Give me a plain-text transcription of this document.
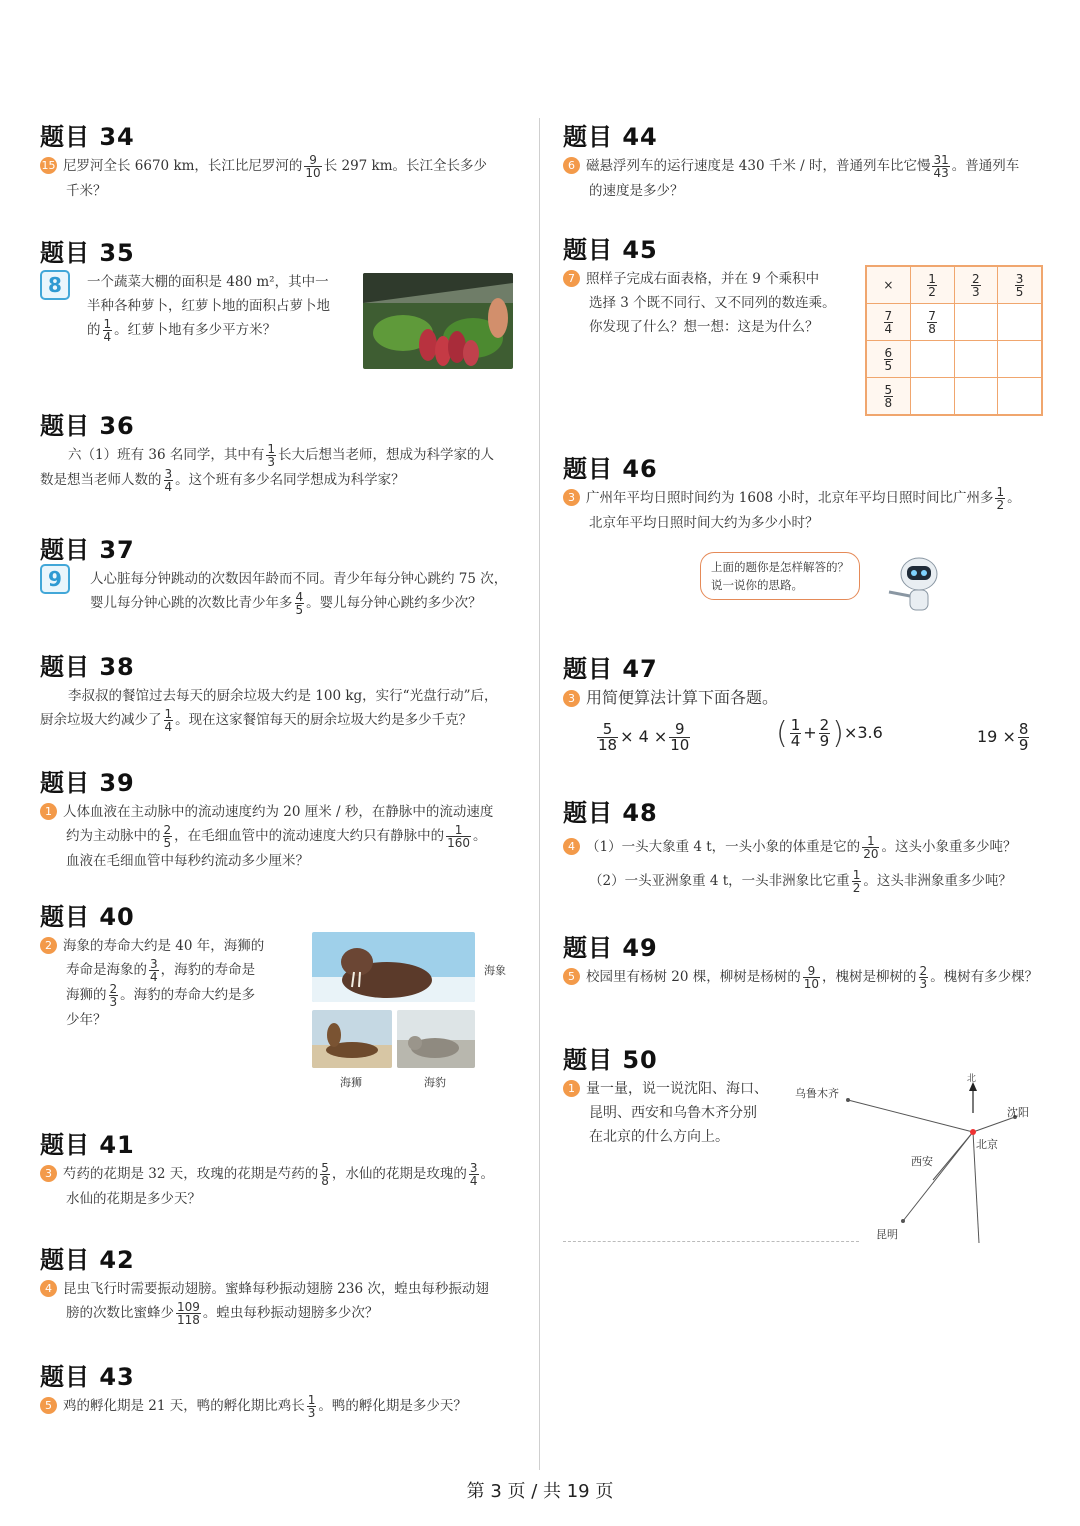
题目 34

15 尼罗河全长 6670 km，长江比尼罗河的 $\frac{9}{10}$ 长 297 km。长江全长多少
千米？

题目 35
8	一个蔬菜大棚的面积是 480 m²，其中一
半种各种萝卜，红萝卜地的面积占萝卜地
的 $\frac{1}{4}$ 。红萝卜地有多少平方米？

题目 36

六（1）班有 36 名同学，其中有 $\frac{1}{3}$ 长大后想当老师，想成为科学家的人
数是想当老师人数的 $\frac{3}{4}$ 。这个班有多少名同学想成为科学家？

题目 37
9	人心脏每分钟跳动的次数因年龄而不同。青少年每分钟心跳约 75 次，
婴儿每分钟心跳的次数比青少年多 $\frac{4}{5}$ 。婴儿每分钟心跳约多少次？

题目 38

李叔叔的餐馆过去每天的厨余垃圾大约是 100 kg，实行“光盘行动”后，
厨余垃圾大约减少了 $\frac{1}{4}$ 。现在这家餐馆每天的厨余垃圾大约是多少千克？

题目 39

1 人体血液在主动脉中的流动速度约为 20 厘米 / 秒，在静脉中的流动速度
约为主动脉中的 $\frac{2}{5}$ ，在毛细血管中的流动速度大约只有静脉中的 $\frac{1}{160}$ 。
血液在毛细血管中每秒约流动多少厘米？

题目 40

2 海象的寿命大约是 40 年，海狮的
寿命是海象的 $\frac{3}{4}$ ，海豹的寿命是
海狮的 $\frac{2}{3}$ 。海豹的寿命大约是多
少年？

海象
海狮	海豹
题目 41

3 芍药的花期是 32 天，玫瑰的花期是芍药的 $\frac{5}{8}$ ，水仙的花期是玫瑰的 $\frac{3}{4}$ 。
水仙的花期是多少天？

题目 42

4 昆虫飞行时需要振动翅膀。蜜蜂每秒振动翅膀 236 次，蝗虫每秒振动翅
膀的次数比蜜蜂少 $\frac{109}{118}$ 。蝗虫每秒振动翅膀多少次？

题目 43

5 鸡的孵化期是 21 天，鸭的孵化期比鸡长 $\frac{1}{3}$ 。鸭的孵化期是多少天？

题目 44

6 磁悬浮列车的运行速度是 430 千米 / 时，普通列车比它慢 $\frac{31}{43}$ 。普通列车
的速度是多少？

题目 45

7 照样子完成右面表格，并在 9 个乘积中
选择 3 个既不同行、又不同列的数连乘。
你发现了什么？想一想：这是为什么？

×	$\frac{1}{2}$	$\frac{2}{3}$	$\frac{3}{5}$

$\frac{7}{4}$	$\frac{7}{8}$

$\frac{6}{5}$

$\frac{5}{8}$

题目 46

3 广州年平均日照时间约为 1608 小时，北京年平均日照时间比广州多 $\frac{1}{2}$ 。
北京年平均日照时间大约为多少小时？

上面的题你是怎样解答的？
说一说你的思路。
题目 47

3 用简便算法计算下面各题。

$\frac{5}{18} \times 4 \times \frac{9}{10}$	( $\frac{1}{4} + \frac{2}{9} )\times 3.6$	$19 \times \frac{8}{9}$
题目 48

4 （1）一头大象重 4 t，一头小象的体重是它的 $\frac{1}{20}$ 。这头小象重多少吨？
（2）一头亚洲象重 4 t，一头非洲象比它重 $\frac{1}{2}$ 。这头非洲象重多少吨？

题目 49

5 校园里有杨树 20 棵，柳树是杨树的 $\frac{9}{10}$ ，槐树是柳树的 $\frac{2}{3}$ 。槐树有多少棵？

题目 50

1 量一量，说一说沈阳、海口、
昆明、西安和乌鲁木齐分别
在北京的什么方向上。

北
北京
沈阳
乌鲁木齐
西安
昆明
第 3 页 / 共 19 页
